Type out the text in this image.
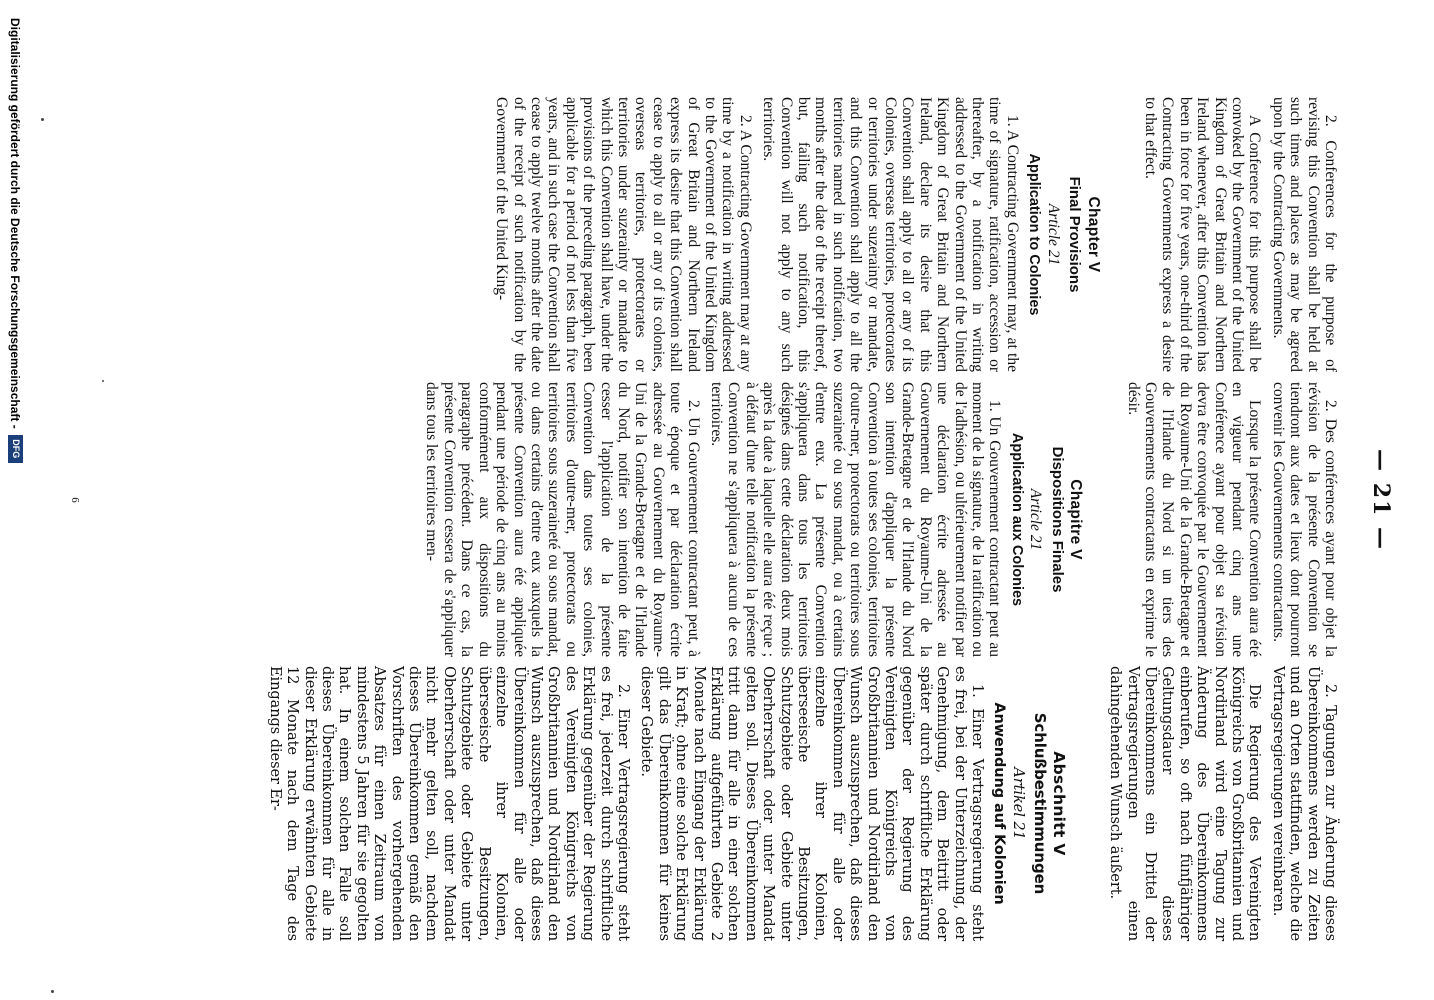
— 21 —

2. Conferences for the purpose of revising this Convention shall be held at such times and places as may be agreed upon by the Contracting Governments.

A Conference for this purpose shall be convoked by the Government of the United Kingdom of Great Britain and Northern Ireland whenever, after this Convention has been in force for five years, one-third of the Contracting Governments express a desire to that effect.

Chapter V

Final Provisions

Article 21

Application to Colonies

1. A Contracting Government may, at the time of signature, ratification, accession or thereafter, by a notification in writing addressed to the Government of the United Kingdom of Great Britain and Northern Ireland, declare its desire that this Convention shall apply to all or any of its Colonies, overseas territories, protectorates or territories under suzerainty or mandate, and this Convention shall apply to all the territories named in such notification, two months after the date of the receipt thereof, but, failing such notification, this Convention will not apply to any such territories.

2. A Contracting Government may at any time by a notification in writing addressed to the Government of the United Kingdom of Great Britain and Northern Ireland express its desire that this Convention shall cease to apply to all or any of its colonies, overseas territories, protectorates or territories under suzerainty or mandate to which this Convention shall have, under the provisions of the preceding paragraph, been applicable for a period of not less than five years, and in such case the Convention shall cease to apply twelve months after the date of the receipt of such notification by the Government of the United King-

2. Des conférences ayant pour objet la révision de la présente Convention se tiendront aux dates et lieux dont pourront convenir les Gouvernements contractants.

Lorsque la présente Convention aura été en vigueur pendant cinq ans une Conférence ayant pour objet sa révision devra être convoquée par le Gouvernement du Royaume-Uni de la Grande-Bretagne et de l'Irlande du Nord si un tiers des Gouvernements contractants en exprime le désir.

Chapitre V

Dispositions Finales

Article 21

Application aux Colonies

1. Un Gouvernement contractant peut au moment de la signature, de la ratification ou de l'adhésion, ou ultérieurement notifier par une déclaration écrite adressée au Gouvernement du Royaume-Uni de la Grande-Bretagne et de l'Irlande du Nord son intention d'appliquer la présente Convention à toutes ses colonies, territoires d'outre-mer, protectorats ou territoires sous suzeraineté ou sous mandat, ou à certains d'entre eux. La présente Convention s'appliquera dans tous les territoires désignés dans cette déclaration deux mois après la date à laquelle elle aura été reçue ; à défaut d'une telle notification la présente Convention ne s'appliquera à aucun de ces territoires.

2. Un Gouvernement contractant peut, à toute époque et par déclaration écrite adressée au Gouvernement du Royaume-Uni de la Grande-Bretagne et de l'Irlande du Nord, notifier son intention de faire cesser l'application de la présente Convention dans toutes ses colonies, territoires d'outre-mer, protectorats ou territoires sous suzeraineté ou sous mandat, ou dans certains d'entre eux auxquels la présente Convention aura été appliquée pendant une période de cinq ans au moins conformément aux dispositions du paragraphe précédent. Dans ce cas, la présente Convention cessera de s'appliquer dans tous les territoires men-

2. Tagungen zur Änderung dieses Übereinkommens werden zu Zeiten und an Orten stattfinden, welche die Vertragsregierungen vereinbaren.

Die Regierung des Vereinigten Königreichs von Großbritannien und Nordirland wird eine Tagung zur Änderung des Übereinkommens einberufen, so oft nach fünfjähriger Geltungsdauer dieses Übereinkommens ein Drittel der Vertragsregierungen einen dahingehenden Wunsch äußert.

Abschnitt V

Schlußbestimmungen

Artikel 21

Anwendung auf Kolonien

1. Einer Vertragsregierung steht es frei, bei der Unterzeichnung, der Genehmigung, dem Beitritt oder später durch schriftliche Erklärung gegenüber der Regierung des Vereinigten Königreichs von Großbritannien und Nordirland den Wunsch auszusprechen, daß dieses Übereinkommen für alle oder einzelne ihrer Kolonien, überseeische Besitzungen, Schutzgebiete oder Gebiete unter Oberherrschaft oder unter Mandat gelten soll. Dieses Übereinkommen tritt dann für alle in einer solchen Erklärung aufgeführten Gebiete 2 Monate nach Eingang der Erklärung in Kraft; ohne eine solche Erklärung gilt das Übereinkommen für keines dieser Gebiete.

2. Einer Vertragsregierung steht es frei, jederzeit durch schriftliche Erklärung gegenüber der Regierung des Vereinigten Königreichs von Großbritannien und Nordirland den Wunsch auszusprechen, daß dieses Übereinkommen für alle oder einzelne ihrer Kolonien, überseeische Besitzungen, Schutzgebiete oder Gebiete unter Oberherrschaft oder unter Mandat nicht mehr gelten soll, nachdem dieses Übereinkommen gemäß den Vorschriften des vorhergehenden Absatzes für einen Zeitraum von mindestens 5 Jahren für sie gegolten hat. In einem solchen Falle soll dieses Übereinkommen für alle in dieser Erklärung erwähnten Gebiete 12 Monate nach dem Tage des Eingangs dieser Er-

6
Digitalisierung gefördert durch die Deutsche Forschungsgemeinschaft -
DFG
